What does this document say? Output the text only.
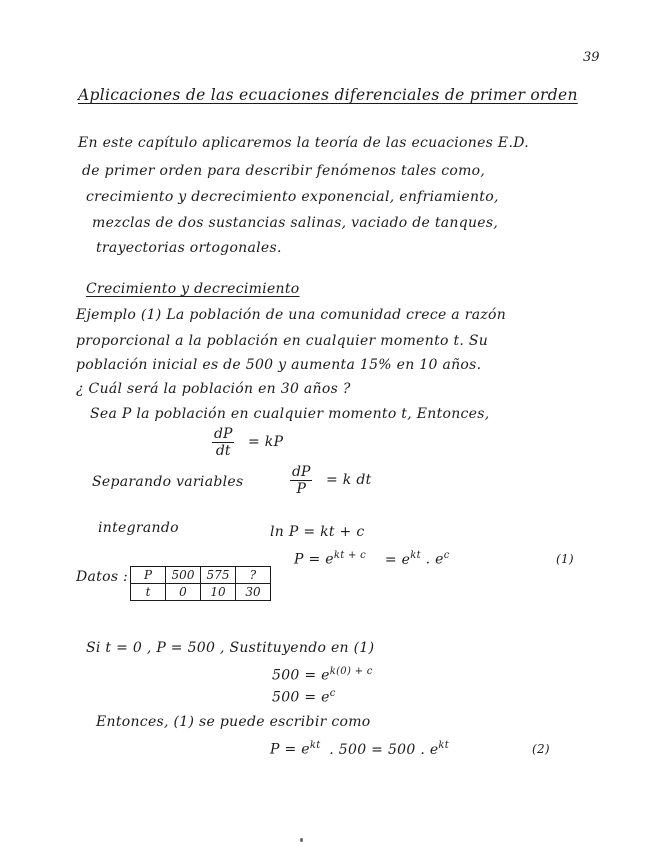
39
Aplicaciones de las ecuaciones diferenciales de primer orden
En este capítulo aplicaremos la teoría de las ecuaciones E.D.
de primer orden para describir fenómenos tales como,
crecimiento y decrecimiento exponencial, enfriamiento,
mezclas de dos sustancias salinas, vaciado de tanques,
trayectorias ortogonales.
Crecimiento y decrecimiento
Ejemplo (1) La población de una comunidad crece a razón
proporcional a la población en cualquier momento t. Su
población inicial es de 500 y aumenta 15% en 10 años.
¿ Cuál será la población en 30 años ?
Sea P la población en cualquier momento t, Entonces,
$\frac{dP}{dt}$ = kP
Separando variables	$\frac{dP}{P} = k$ dt
integrando	ln P = kt + c
$P = e^{kt + c} = e^{kt}$ . $e^c$	(1)
Datos : P	500	575	?
t	0	10	30
Si t = 0 , P = 500 , Sustituyendo en (1)
$500 = e^{k(0) + c}$
$500 = e^c$
Entonces, (1) se puede escribir como
$P = e^{kt}$ . 500 = 500 . $e^{kt}$	(2)
